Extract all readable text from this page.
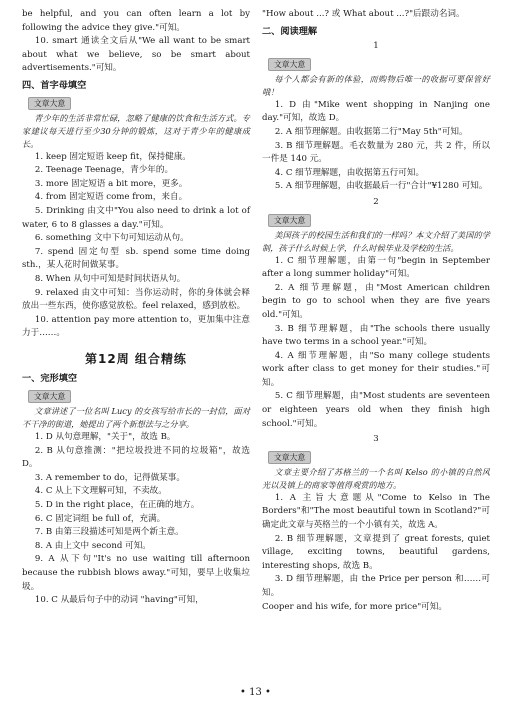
be helpful, and you can often learn a lot by following the advice they give."可知。

10. smart 通读全文后从"We all want to be smart about what we believe, so be smart about advertisements."可知。

四、首字母填空
文章大意

青少年的生活非常忙碌，忽略了健康的饮食和生活方式。专家建议每天进行至少30分钟的锻炼，这对于青少年的健康成长。

1. keep 固定短语 keep fit，保持健康。

2. Teenage Teenage，青少年的。

3. more 固定短语 a bit more，更多。

4. from 固定短语 come from，来自。

5. Drinking 由文中"You also need to drink a lot of water, 6 to 8 glasses a day."可知。

6. something 文中下句可知运动从句。

7. spend 固定句型 sb. spend some time doing sth.，某人花时间做某事。

8. When 从句中可知是时间状语从句。

9. relaxed 由文中可知：当你运动时，你的身体就会释放出一些东西，使你感觉放松。feel relaxed，感到放松。

10. attention pay more attention to，更加集中注意力于……。

第12周 组合精练
一、完形填空
文章大意

文章讲述了一位名叫 Lucy 的女孩写给市长的一封信，面对不干净的街道，她提出了两个新想法与之分享。

1. D 从句意理解，"关于"，故选 B。

2. B 从句意推测："把垃圾投进不同的垃圾箱"，故选 D。

3. A remember to do，记得做某事。

4. C 从上下文理解可知，不卖故。

5. D in the right place，在正确的地方。

6. C 固定词组 be full of，充满。

7. B 由第三段描述可知是两个新主意。

8. A 由上文中 second 可知。

9. A 从下句"It's no use waiting till afternoon because the rubbish blows away."可知，要早上收集垃圾。

10. C 从最后句子中的动词 "having"可知，

"How about ...? 或 What about ...?"后跟动名词。

二、阅读理解
1
文章大意

每个人都会有新的体验，而购物后唯一的收据可要保管好哦！

1. D 由"Mike went shopping in Nanjing one day."可知，故选 D。

2. A 细节理解题。由收据第二行"May 5th"可知。

3. B 细节理解题。毛衣数量为 280 元，共 2 件，所以一件是 140 元。

4. C 细节理解题，由收据第五行可知。

5. A 细节理解题，由收据最后一行"合计"¥1280 可知。

2
文章大意

美国孩子的校园生活和我们的一样吗？本文介绍了美国的学制，孩子什么时候上学，什么时候毕业及学校的生活。

1. C 细节理解题，由第一句"begin in September after a long summer holiday"可知。

2. A 细节理解题，由"Most American children begin to go to school when they are five years old."可知。

3. B 细节理解题，由"The schools there usually have two terms in a school year."可知。

4. A 细节理解题，由"So many college students work after class to get money for their studies."可知。

5. C 细节理解题，由"Most students are seventeen or eighteen years old when they finish high school."可知。

3
文章大意

文章主要介绍了苏格兰的一个名叫 Kelso 的小镇的自然风光以及镇上的商家等值得观赏的地方。

1. A 主旨大意题从"Come to Kelso in The Borders"和"The most beautiful town in Scotland?"可确定此文章与英格兰的一个小镇有关，故选 A。

2. B 细节理解题，文章提到了 great forests, quiet village, exciting towns, beautiful gardens, interesting shops, 故选 B。

3. D 细节理解题，由 the Price per person 和……可知。

Cooper and his wife, for more price"可知。

• 13 •
